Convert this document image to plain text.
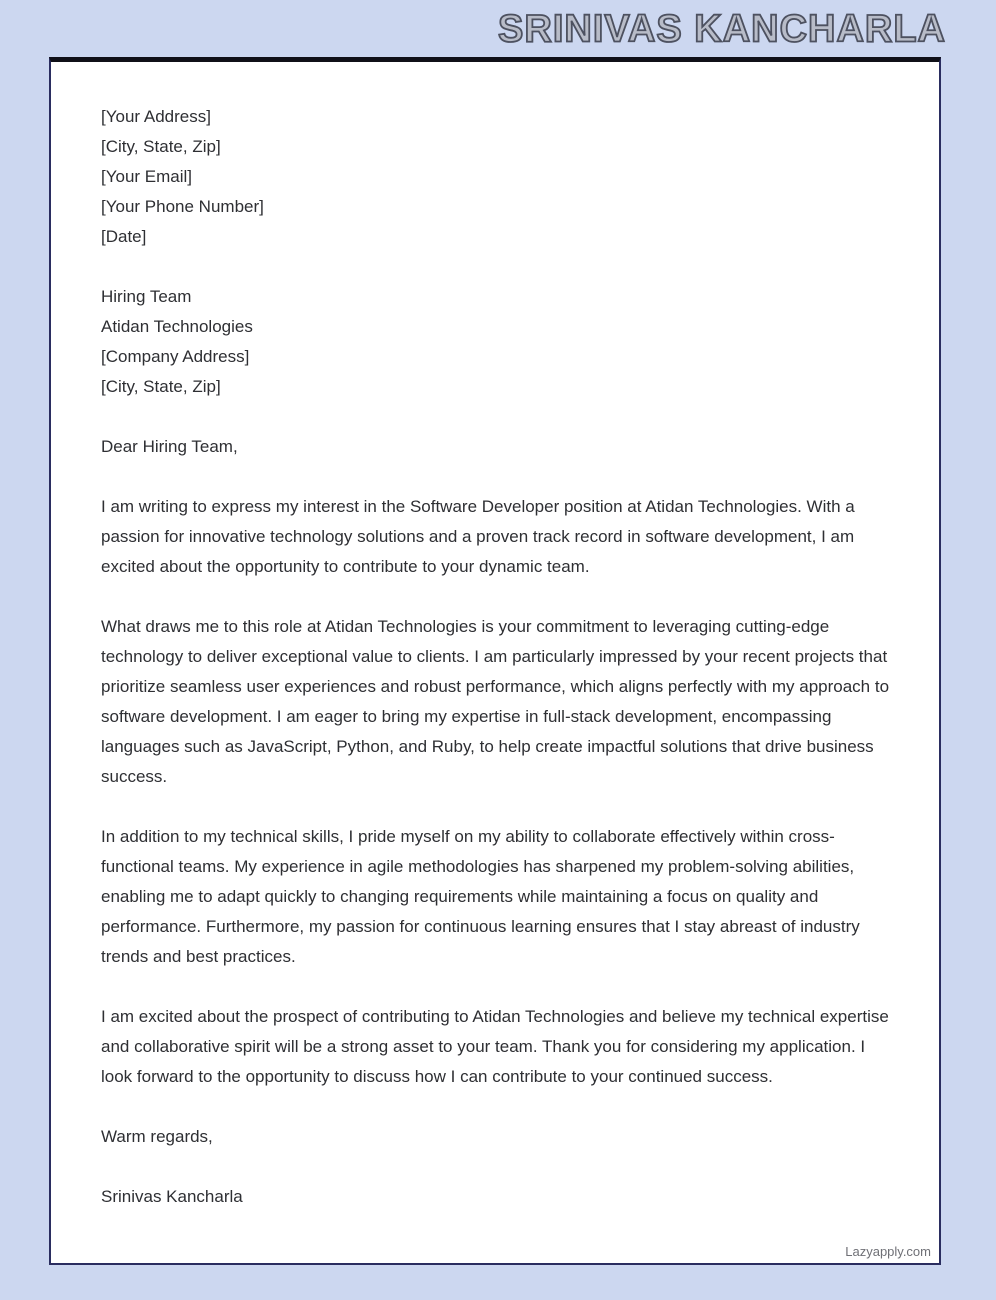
SRINIVAS KANCHARLA

[Your Address]

[City, State, Zip]

[Your Email]

[Your Phone Number]

[Date]

Hiring Team

Atidan Technologies

[Company Address]

[City, State, Zip]

Dear Hiring Team,

I am writing to express my interest in the Software Developer position at Atidan Technologies. With a passion for innovative technology solutions and a proven track record in software development, I am excited about the opportunity to contribute to your dynamic team.

What draws me to this role at Atidan Technologies is your commitment to leveraging cutting-edge technology to deliver exceptional value to clients. I am particularly impressed by your recent projects that prioritize seamless user experiences and robust performance, which aligns perfectly with my approach to software development. I am eager to bring my expertise in full-stack development, encompassing languages such as JavaScript, Python, and Ruby, to help create impactful solutions that drive business success.

In addition to my technical skills, I pride myself on my ability to collaborate effectively within cross-functional teams. My experience in agile methodologies has sharpened my problem-solving abilities, enabling me to adapt quickly to changing requirements while maintaining a focus on quality and performance. Furthermore, my passion for continuous learning ensures that I stay abreast of industry trends and best practices.

I am excited about the prospect of contributing to Atidan Technologies and believe my technical expertise and collaborative spirit will be a strong asset to your team. Thank you for considering my application. I look forward to the opportunity to discuss how I can contribute to your continued success.

Warm regards,

Srinivas Kancharla

Lazyapply.com
